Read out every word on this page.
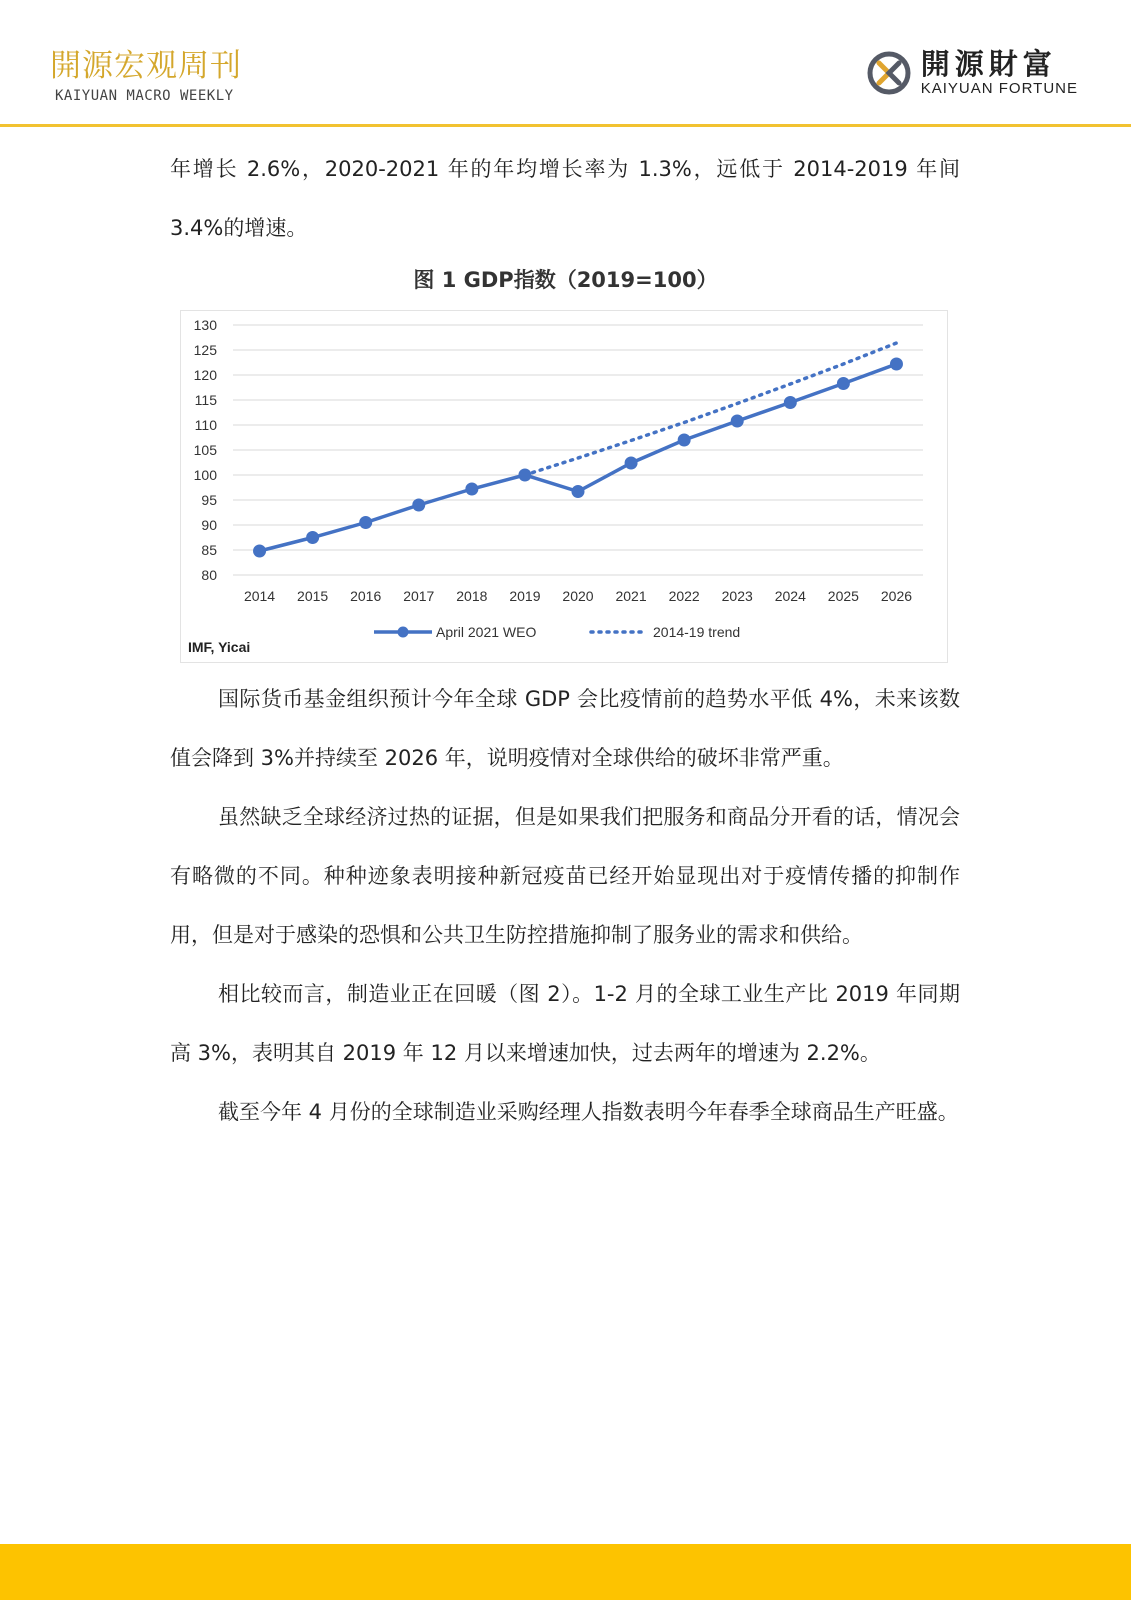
開源宏观周刊
KAIYUAN MACRO WEEKLY
開源財富
KAIYUAN FORTUNE

年增长 2.6%，2020-2021 年的年均增长率为 1.3%，远低于 2014-2019 年间 3.4%的增速。

图 1 GDP指数（2019=100）
80
85
90
95
100
105
110
115
120
125
130
2014 2015 2016 2017 2018 2019 2020 2021 2022 2023 2024 2025 2026
April 2021 WEO	2014-19 trend
IMF, Yicai

国际货币基金组织预计今年全球 GDP 会比疫情前的趋势水平低 4%，未来该数值会降到 3%并持续至 2026 年，说明疫情对全球供给的破坏非常严重。

虽然缺乏全球经济过热的证据，但是如果我们把服务和商品分开看的话，情况会有略微的不同。种种迹象表明接种新冠疫苗已经开始显现出对于疫情传播的抑制作用，但是对于感染的恐惧和公共卫生防控措施抑制了服务业的需求和供给。

相比较而言，制造业正在回暖（图 2）。1-2 月的全球工业生产比 2019 年同期高 3%，表明其自 2019 年 12 月以来增速加快，过去两年的增速为 2.2%。

截至今年 4 月份的全球制造业采购经理人指数表明今年春季全球商品生产旺盛。
